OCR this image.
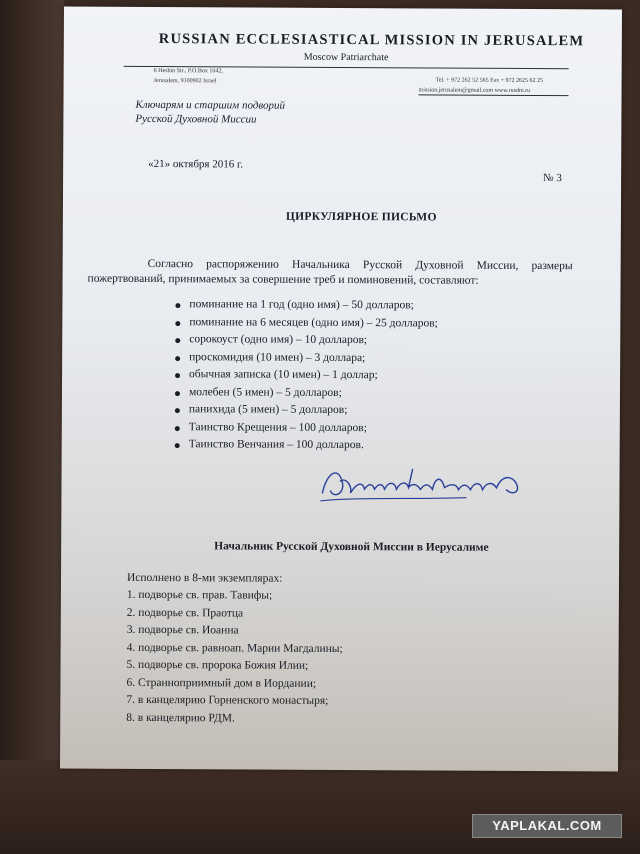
RUSSIAN ECCLESIASTICAL MISSION IN JERUSALEM

Moscow Patriarchate

6 Hesbin Str., P.O.Box 1042,

Jerusalem, 9100902 Israel	Tel. + 972 262 52 565 Fax + 972 2625 62 25

mission.jerusalem@gmail.com www.rusdm.ru

Ключарям и старшим подворий
Русской Духовной Миссии

«21» октября 2016 г.

№ 3

ЦИРКУЛЯРНОЕ ПИСЬМО

Согласно распоряжению Начальника Русской Духовной Миссии, размеры пожертвований, принимаемых за совершение треб и поминовений, составляют:

поминание на 1 год (одно имя) – 50 долларов;
поминание на 6 месяцев (одно имя) – 25 долларов;
сорокоуст (одно имя) – 10 долларов;
проскомидия (10 имен) – 3 доллара;
обычная записка (10 имен) – 1 доллар;
молебен (5 имен) – 5 долларов;
панихида (5 имен) – 5 долларов;
Таинство Крещения – 100 долларов;
Таинство Венчания – 100 долларов.

Начальник Русской Духовной Миссии в Иерусалиме

Исполнено в 8-ми экземплярах:

1. подворье св. прав. Тавифы;
2. подворье св. Праотца
3. подворье св. Иоанна
4. подворье св. равноап. Марии Магдалины;
5. подворье св. пророка Божия Илии;
6. Странноприимный дом в Иордании;
7. в канцелярию Горненского монастыря;
8. в канцелярию РДМ.
YAPLAKAL.COM
